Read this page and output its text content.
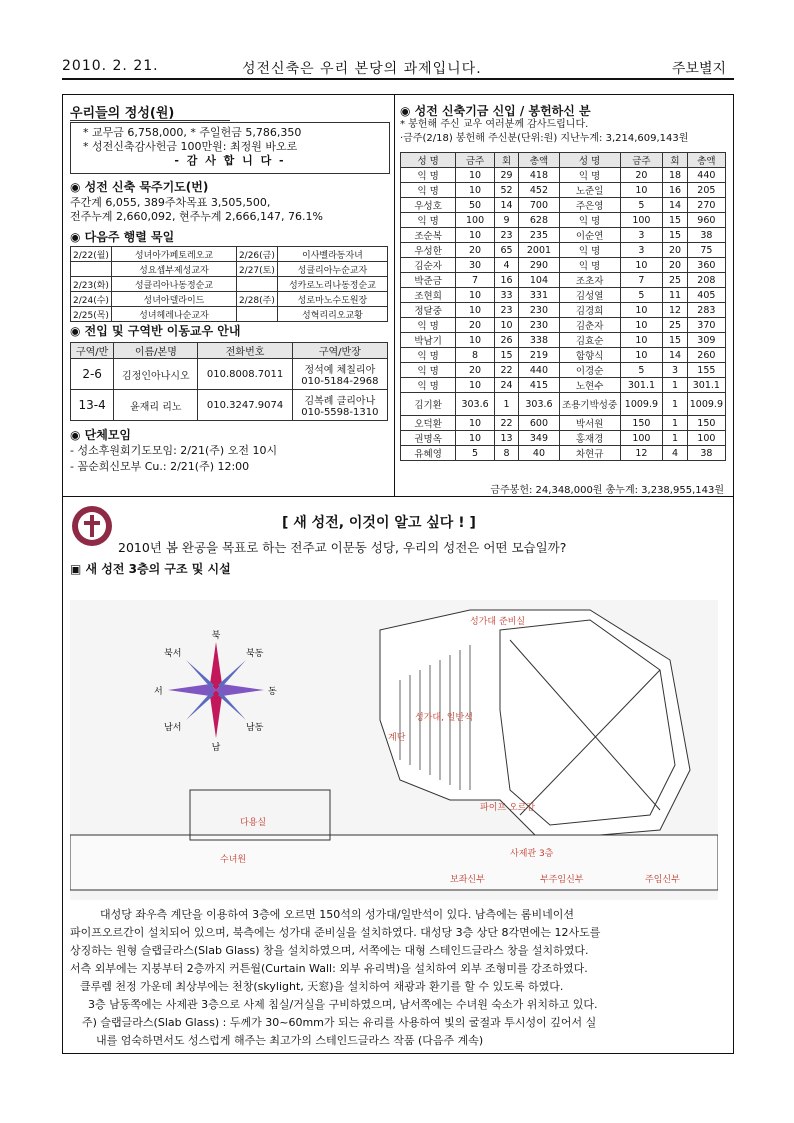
2010. 2. 21.	성전신축은 우리 본당의 과제입니다.	주보별지
우리들의 정성(원)
* 교무금 6,758,000, * 주일헌금 5,786,350
* 성전신축감사헌금 100만원: 최정원 바오로
- 감 사 합 니 다 -
◉ 성전 신축 묵주기도(번)
주간계 6,055, 389주차목표 3,505,500,
전주누계 2,660,092, 현주누계 2,666,147, 76.1%
◉ 다음주 행렬 묵일
2/22(월)	성녀아가페토레오교	2/26(금)	이사벨라동자녀
	성요셉부제성교자	2/27(토)	성클리아누순교자
2/23(화)	성클리아나동정순교		성카로노리나동정순교
2/24(수)	성녀아델라이드	2/28(주)	성로마노수도원장
2/25(목)	성녀헤레나순교자		성혁리리오교황
◉ 전입 및 구역반 이동교우 안내
구역/반	이름/본명	전화번호	구역/반장
2-6	김정인아나시오	010.8008.7011	정석예 체칠리아
010-5184-2968

13-4	윤재리 리노	010.3247.9074	김복례 클리아나
010-5598-1310
◉ 단체모임
- 성소후원회기도모임: 2/21(주) 오전 10시
- 꼼순희신모부 Cu.: 2/21(주) 12:00
◉ 성전 신축기금 신입 / 봉헌하신 분
* 봉헌해 주신 교우 여러분께 감사드립니다.
·금주(2/18) 봉헌해 주신분(단위:원) 지난누계: 3,214,609,143원
성 명	금주	회	총액	성 명	금주	회	총액
익 명	10	29	418	익 명	20	18	440
익 명	10	52	452	노준일	10	16	205
우성호	50	14	700	주은영	5	14	270
익 명	100	9	628	익 명	100	15	960
조순복	10	23	235	이순연	3	15	38
우성한	20	65	2001	익 명	3	20	75
김순자	30	4	290	익 명	10	20	360
박준금	7	16	104	조초자	7	25	208
조현희	10	33	331	김성열	5	11	405
정달중	10	23	230	김경희	10	12	283
익 명	20	10	230	김춘자	10	25	370
박남기	10	26	338	김효순	10	15	309
익 명	8	15	219	함향식	10	14	260
익 명	20	22	440	이경순	5	3	155
익 명	10	24	415	노현수	301.1	1	301.1
김기환	303.6	1	303.6	조용기박성중	1009.9	1	1009.9
오덕환	10	22	600	박서원	150	1	150
권명옥	10	13	349	홍재경	100	1	100
유혜영	5	8	40	차현규	12	4	38
금주봉헌: 24,348,000원 총누계: 3,238,955,143원
[ 새 성전, 이것이 알고 싶다 ! ]
2010년 봄 완공을 목표로 하는 전주교 이문동 성당, 우리의 성전은 어떤 모습일까?
▣ 새 성전 3층의 구조 및 시설
북
북동
동
남동
남
남서
서
북서
성가대 준비실
성가대, 일반석
파이프 오르간
사제관 3층
수녀원
다용실
보좌신부	부주임신부	주임신부
계단
대성당 좌우측 계단을 이용하여 3층에 오르면 150석의 성가대/일반석이 있다. 남측에는 롬비네이션
파이프오르간이 설치되어 있으며, 북측에는 성가대 준비실을 설치하였다. 대성당 3층 상단 8각면에는 12사도를
상징하는 원형 슬랩글라스(Slab Glass) 창을 설치하였으며, 서쪽에는 대형 스테인드글라스 창을 설치하였다.
서측 외부에는 지붕부터 2층까지 커튼월(Curtain Wall: 외부 유리벽)을 설치하여 외부 조형미를 강조하였다.
클루렘 천정 가운데 최상부에는 천창(skylight, 天窓)을 설치하여 채광과 환기를 할 수 있도록 하였다.
3층 남동쪽에는 사제관 3층으로 사제 침실/거실을 구비하였으며, 남서쪽에는 수녀원 숙소가 위치하고 있다.
주) 슬랩글라스(Slab Glass) : 두께가 30~60mm가 되는 유리를 사용하여 빛의 굴절과 투시성이 깊어서 실
내를 엄숙하면서도 성스럽게 해주는 최고가의 스테인드글라스 작품 (다음주 계속)
